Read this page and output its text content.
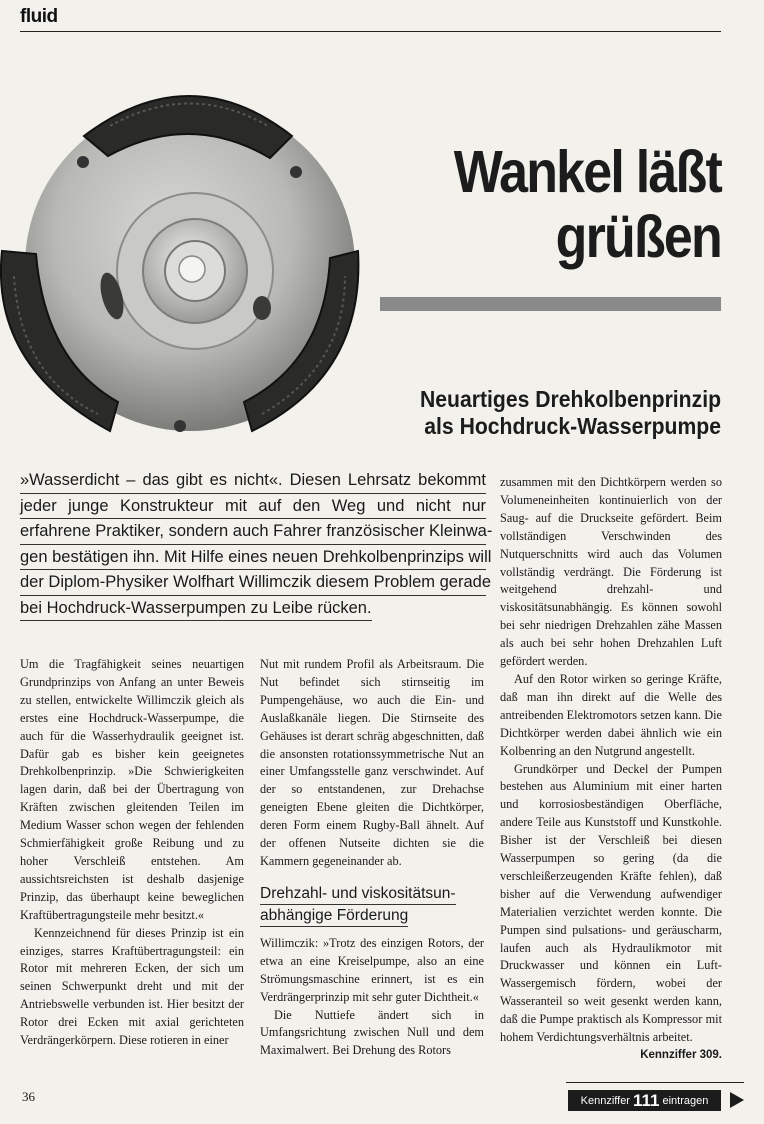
fluid
Wankel läßt
grüßen
Neuartiges Drehkolbenprinzip
als Hochdruck-Wasserpumpe
»Wasserdicht – das gibt es nicht«. Diesen Lehrsatz bekommt
jeder junge Konstrukteur mit auf den Weg und nicht nur
erfahrene Praktiker, sondern auch Fahrer französischer Kleinwa-
gen bestätigen ihn. Mit Hilfe eines neuen Drehkolbenprinzips will
der Diplom-Physiker Wolfhart Willimczik diesem Problem gerade
bei Hochdruck-Wasserpumpen zu Leibe rücken.

Um die Tragfähigkeit seines neuartigen Grundprinzips von Anfang an unter Beweis zu stellen, entwickelte Willimczik gleich als erstes eine Hochdruck-Wasserpumpe, die auch für die Wasserhydraulik geeignet ist. Dafür gab es bisher kein geeignetes Drehkolbenprinzip. »Die Schwierigkeiten lagen darin, daß bei der Übertragung von Kräften zwischen gleitenden Teilen im Medium Wasser schon wegen der fehlenden Schmierfähigkeit große Reibung und zu hoher Verschleiß entstehen. Am aussichtsreichsten ist deshalb dasjenige Prinzip, das überhaupt keine beweglichen Kraftübertragungsteile mehr besitzt.«

Kennzeichnend für dieses Prinzip ist ein einziges, starres Kraftübertragungsteil: ein Rotor mit mehreren Ecken, der sich um seinen Schwerpunkt dreht und mit der Antriebswelle verbunden ist. Hier besitzt der Rotor drei Ecken mit axial gerichteten Verdrängerkörpern. Diese rotieren in einer

Nut mit rundem Profil als Arbeitsraum. Die Nut befindet sich stirnseitig im Pumpengehäuse, wo auch die Ein- und Auslaßkanäle liegen. Die Stirnseite des Gehäuses ist derart schräg abgeschnitten, daß die ansonsten rotationssymmetrische Nut an einer Umfangsstelle ganz verschwindet. Auf der so entstandenen, zur Drehachse geneigten Ebene gleiten die Dichtkörper, deren Form einem Rugby-Ball ähnelt. Auf der offenen Nutseite dichten sie die Kammern gegeneinander ab.

Drehzahl- und viskositätsun-
abhängige Förderung

Willimczik: »Trotz des einzigen Rotors, der etwa an eine Kreiselpumpe, also an eine Strömungsmaschine erinnert, ist es ein Verdrängerprinzip mit sehr guter Dichtheit.«

Die Nuttiefe ändert sich in Umfangsrichtung zwischen Null und dem Maximalwert. Bei Drehung des Rotors

zusammen mit den Dichtkörpern werden so Volumeneinheiten kontinuierlich von der Saug- auf die Druckseite gefördert. Beim vollständigen Verschwinden des Nutquerschnitts wird auch das Volumen vollständig verdrängt. Die Förderung ist weitgehend drehzahl- und viskositätsunabhängig. Es können sowohl bei sehr niedrigen Drehzahlen zähe Massen als auch bei sehr hohen Drehzahlen Luft gefördert werden.

Auf den Rotor wirken so geringe Kräfte, daß man ihn direkt auf die Welle des antreibenden Elektromotors setzen kann. Die Dichtkörper werden dabei ähnlich wie ein Kolbenring an den Nutgrund angestellt.

Grundkörper und Deckel der Pumpen bestehen aus Aluminium mit einer harten und korrosiosbeständigen Oberfläche, andere Teile aus Kunststoff und Kunstkohle. Bisher ist der Verschleiß bei diesen Wasserpumpen so gering (da die verschleißerzeugenden Kräfte fehlen), daß bisher auf die Verwendung aufwendiger Materialien verzichtet werden konnte. Die Pumpen sind pulsations- und geräuscharm, laufen auch als Hydraulikmotor mit Druckwasser und können ein Luft-Wassergemisch fördern, wobei der Wasseranteil so weit gesenkt werden kann, daß die Pumpe praktisch als Kompressor mit hohem Verdichtungsverhältnis arbeitet.
Kennziffer 309.

36	Kennziffer 111 eintragen
